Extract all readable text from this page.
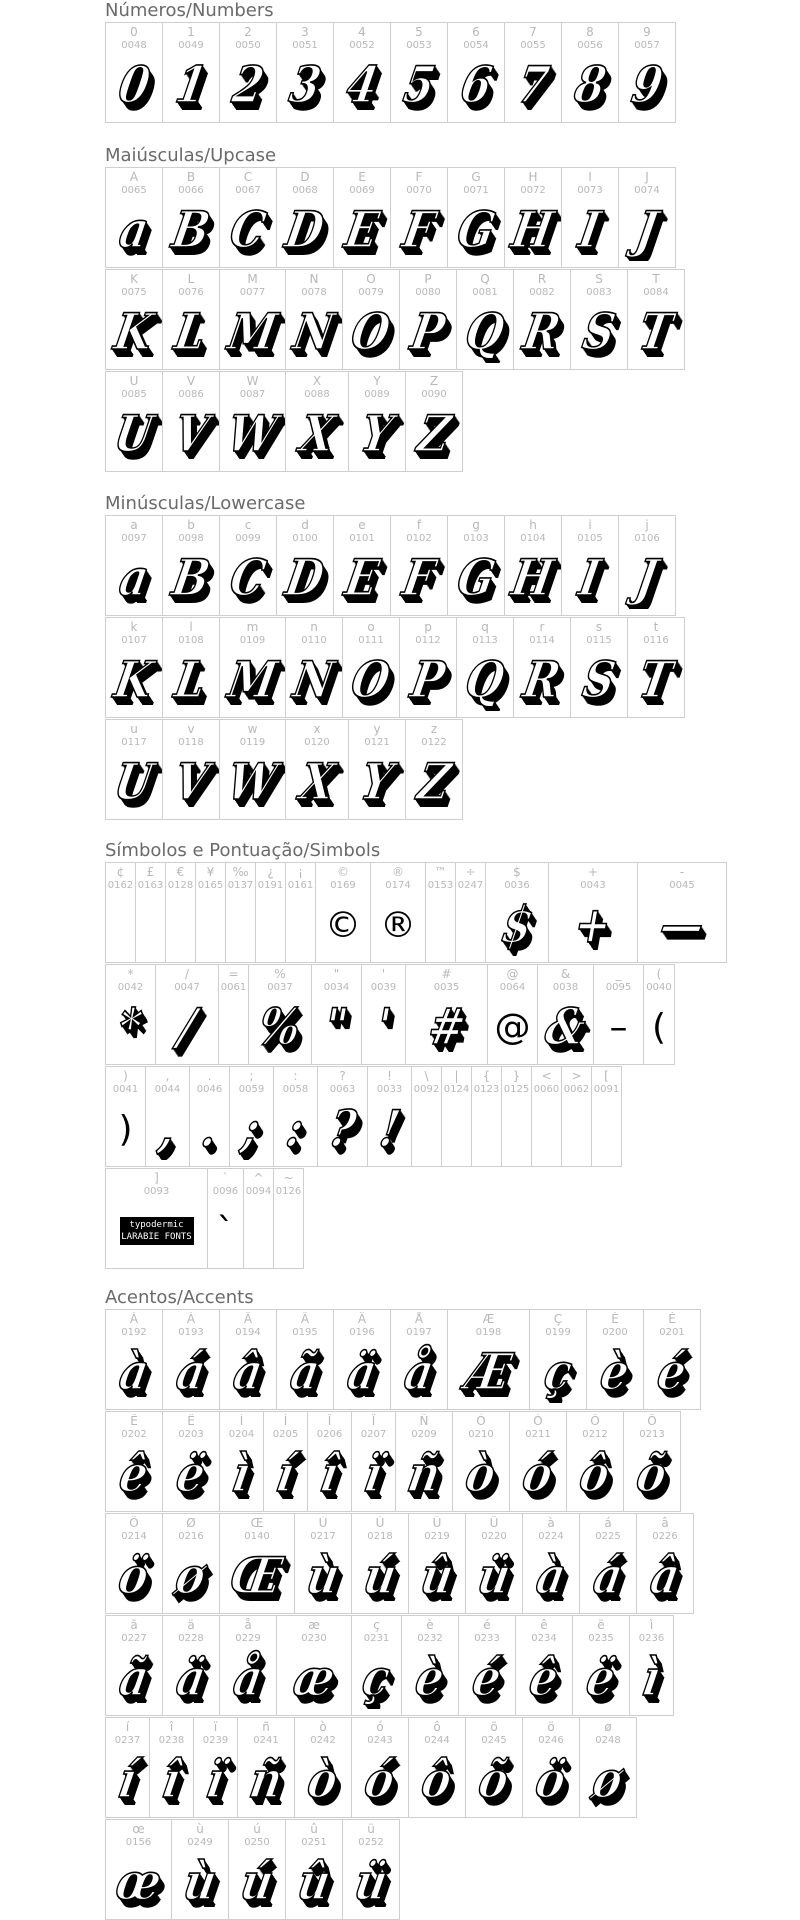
Números/Numbers
0
0048
0
1
0049
1
2
0050
2
3
0051
3
4
0052
4
5
0053
5
6
0054
6
7
0055
7
8
0056
8
9
0057
9
Maiúsculas/Upcase
A
0065
a
B
0066
B
C
0067
C
D
0068
D
E
0069
E
F
0070
F
G
0071
G
H
0072
H
I
0073
I
J
0074
J
K
0075
K
L
0076
L
M
0077
M
N
0078
N
O
0079
O
P
0080
P
Q
0081
Q
R
0082
R
S
0083
S
T
0084
T
U
0085
U
V
0086
V
W
0087
W
X
0088
X
Y
0089
Y
Z
0090
Z
Minúsculas/Lowercase
a
0097
a
b
0098
B
c
0099
C
d
0100
D
e
0101
E
f
0102
F
g
0103
G
h
0104
H
i
0105
I
j
0106
J
k
0107
K
l
0108
L
m
0109
M
n
0110
N
o
0111
O
p
0112
P
q
0113
Q
r
0114
R
s
0115
S
t
0116
T
u
0117
U
v
0118
V
w
0119
W
x
0120
X
y
0121
Y
z
0122
Z
Símbolos e Pontuação/Simbols
¢
0162
£
0163
€
0128
¥
0165
‰
0137
¿
0191
¡
0161
©
0169
©
®
0174
®
™
0153
÷
0247
$
0036
$
+
0043
+
-
0045
—
*
0042
*
/
0047
/
=
0061
%
0037
%
"
0034
"
'
0039
'
#
0035
#
@
0064
@
&
0038
&
_
0095
–
(
0040
(
)
0041
)
,
0044
,
.
0046
.
;
0059
;
:
0058
:
?
0063
?
!
0033
!
\
0092
|
0124
{
0123
}
0125
<
0060
>
0062
[
0091
]
0093
typodermic
LARABIE FONTS
`
0096
`
^
0094
~
0126
Acentos/Accents
À
0192
à
Á
0193
á
Â
0194
â
Ã
0195
ã
Ä
0196
ä
Å
0197
å
Æ
0198
Æ
Ç
0199
ç
È
0200
è
É
0201
é
Ê
0202
ê
Ë
0203
ë
Ì
0204
ì
Í
0205
í
Î
0206
î
Ï
0207
ï
Ñ
0209
ñ
Ò
0210
ò
Ó
0211
ó
Ô
0212
ô
Õ
0213
õ
Ö
0214
ö
Ø
0216
ø
Œ
0140
Œ
Ù
0217
ù
Ú
0218
ú
Û
0219
û
Ü
0220
ü
à
0224
à
á
0225
á
â
0226
â
ã
0227
ã
ä
0228
ä
å
0229
å
æ
0230
æ
ç
0231
ç
è
0232
è
é
0233
é
ê
0234
ê
ë
0235
ë
ì
0236
ì
í
0237
í
î
0238
î
ï
0239
ï
ñ
0241
ñ
ò
0242
ò
ó
0243
ó
ô
0244
ô
õ
0245
õ
ö
0246
ö
ø
0248
ø
œ
0156
œ
ù
0249
ù
ú
0250
ú
û
0251
û
ü
0252
ü
